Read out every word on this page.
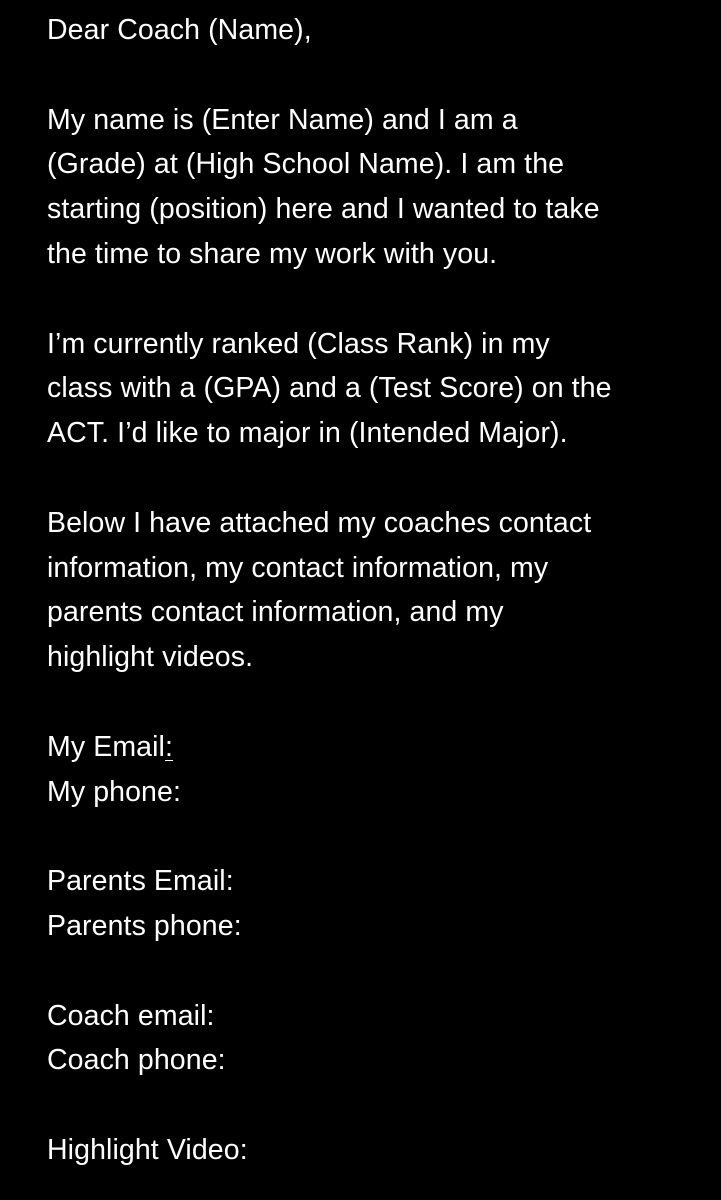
Dear Coach (Name),
My name is (Enter Name) and I am a
(Grade) at (High School Name). I am the
starting (position) here and I wanted to take
the time to share my work with you.
I’m currently ranked (Class Rank) in my
class with a (GPA) and a (Test Score) on the
ACT. I’d like to major in (Intended Major).
Below I have attached my coaches contact
information, my contact information, my
parents contact information, and my
highlight videos.
My Email:
My phone:
Parents Email:
Parents phone:
Coach email:
Coach phone:
Highlight Video:
